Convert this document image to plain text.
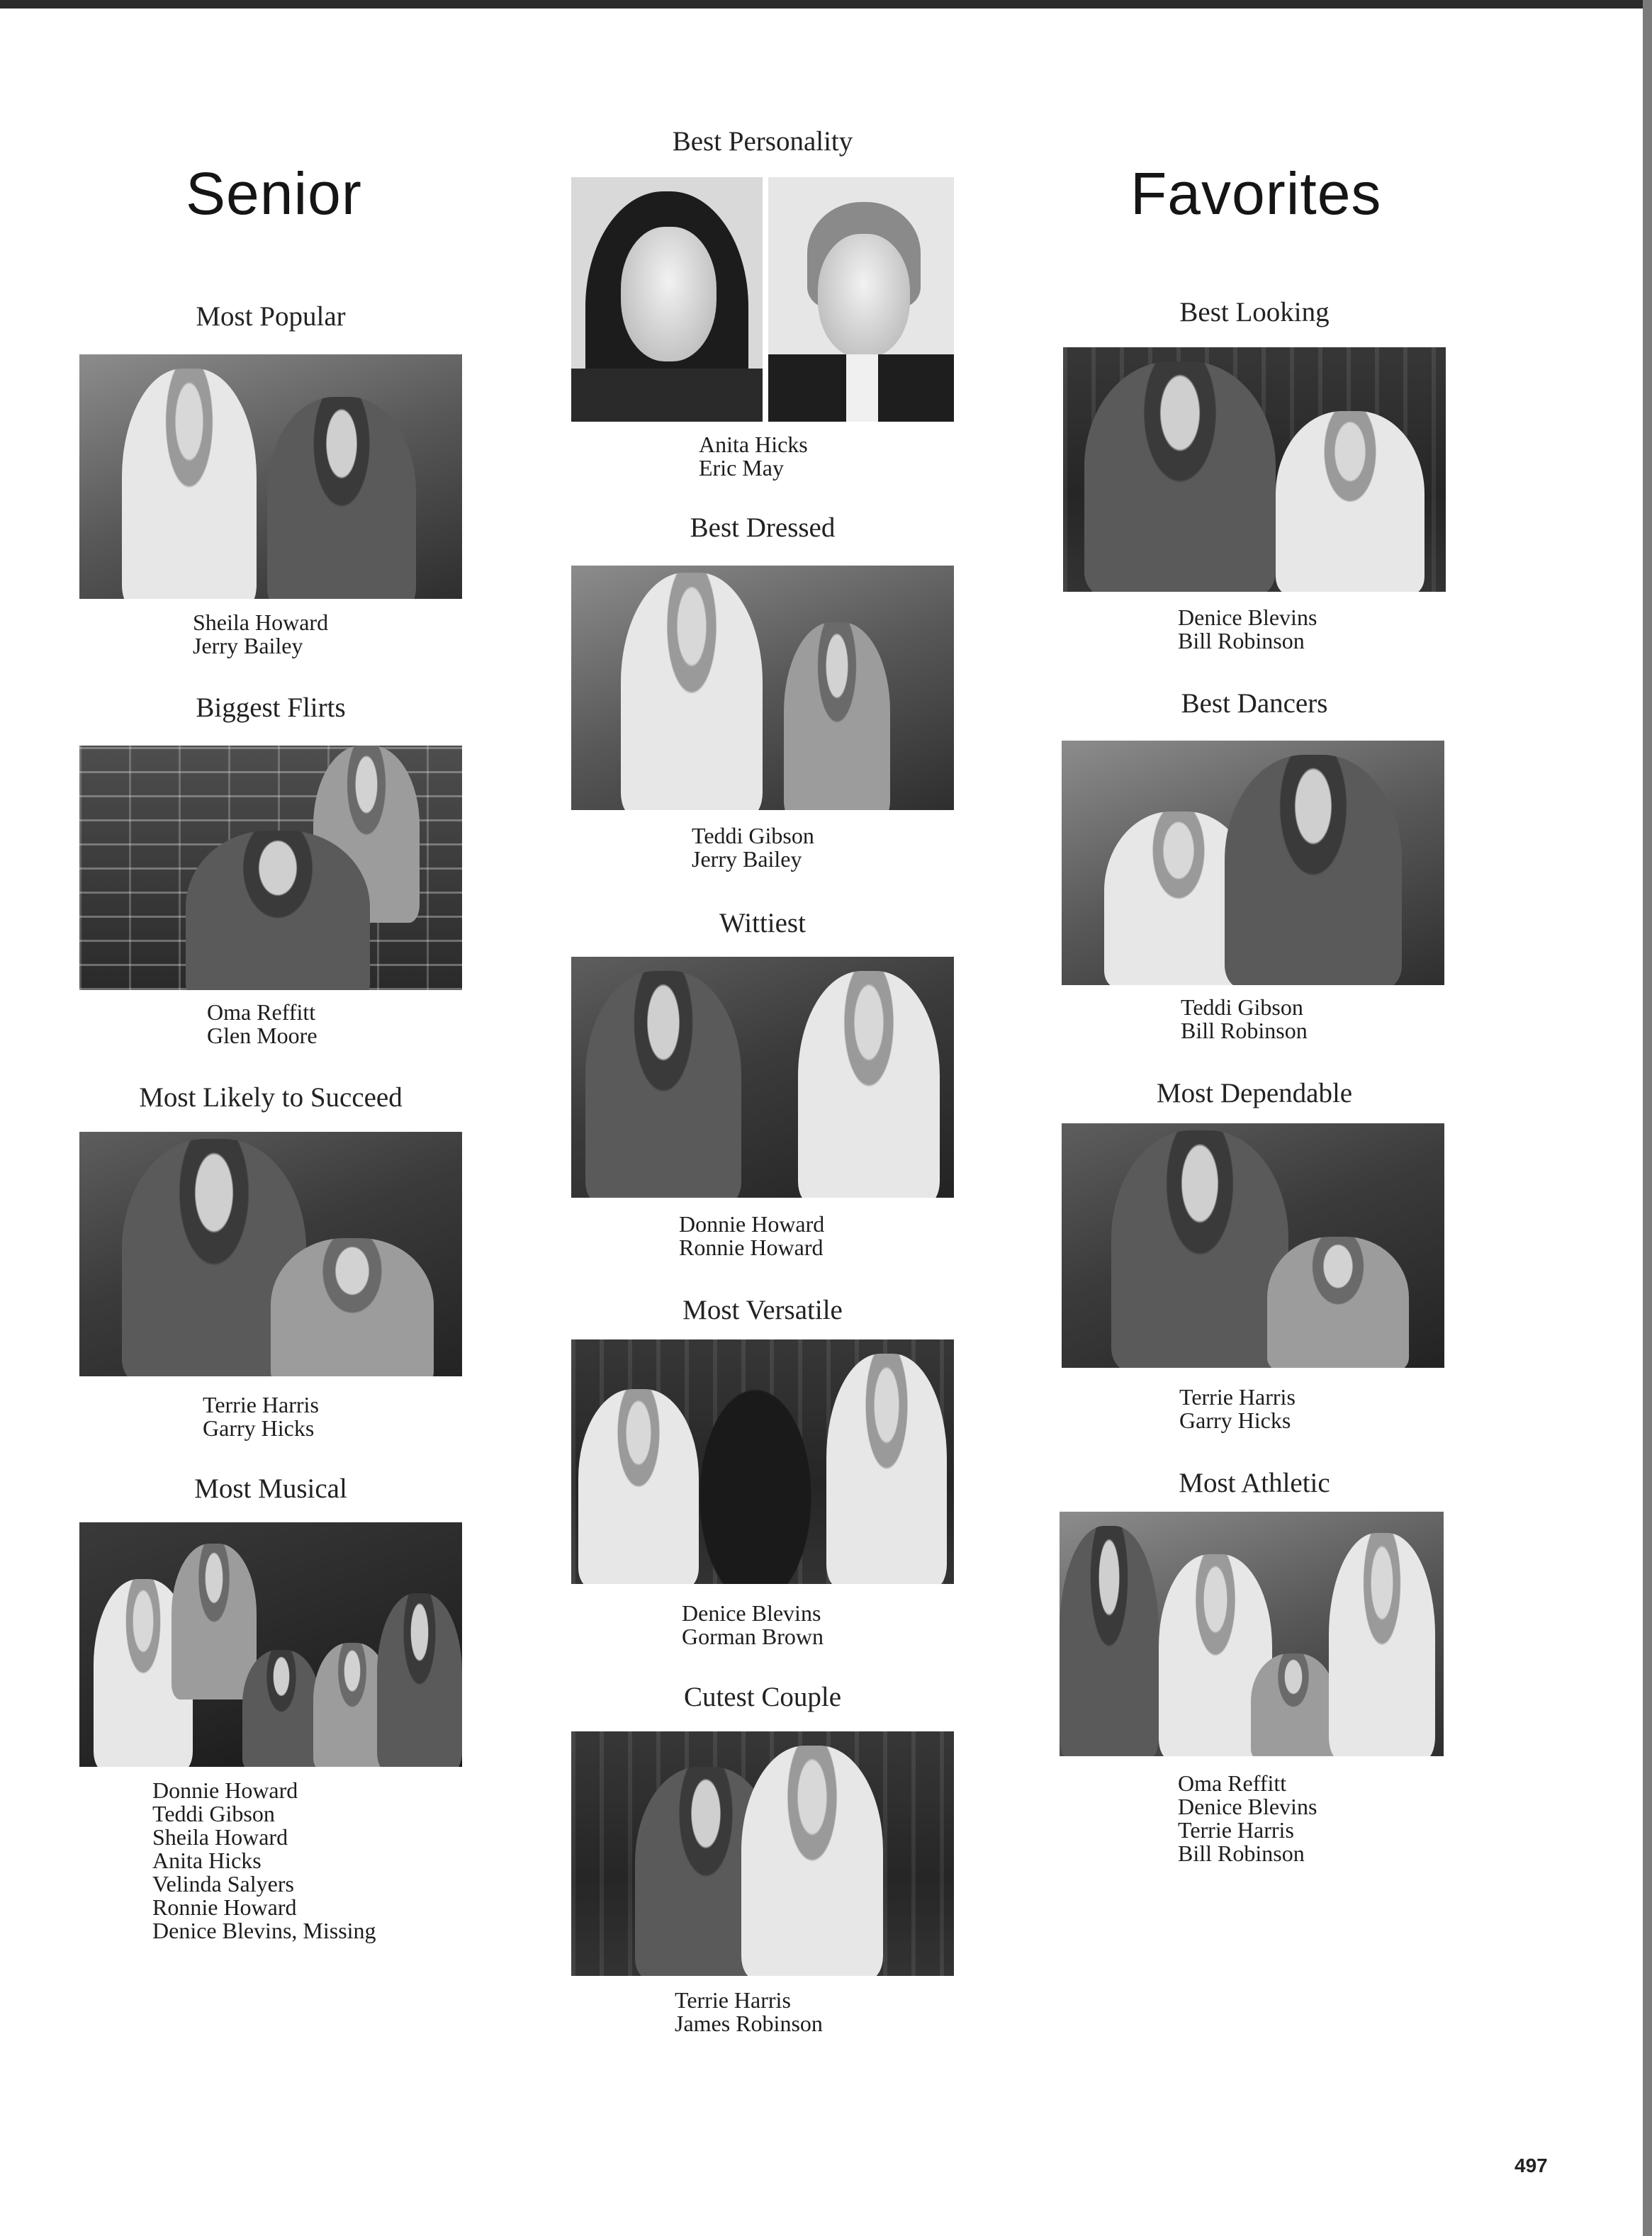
Senior	Favorites
Most Popular
Sheila Howard
Jerry Bailey
Biggest Flirts
Oma Reffitt
Glen Moore
Most Likely to Succeed
Terrie Harris
Garry Hicks
Most Musical
Donnie Howard
Teddi Gibson
Sheila Howard
Anita Hicks
Velinda Salyers
Ronnie Howard
Denice Blevins, Missing
Best Personality
Anita Hicks
Eric May
Best Dressed
Teddi Gibson
Jerry Bailey
Wittiest
Donnie Howard
Ronnie Howard
Most Versatile
Denice Blevins
Gorman Brown
Cutest Couple
Terrie Harris
James Robinson
Best Looking
Denice Blevins
Bill Robinson
Best Dancers
Teddi Gibson
Bill Robinson
Most Dependable
Terrie Harris
Garry Hicks
Most Athletic
Oma Reffitt
Denice Blevins
Terrie Harris
Bill Robinson
497
